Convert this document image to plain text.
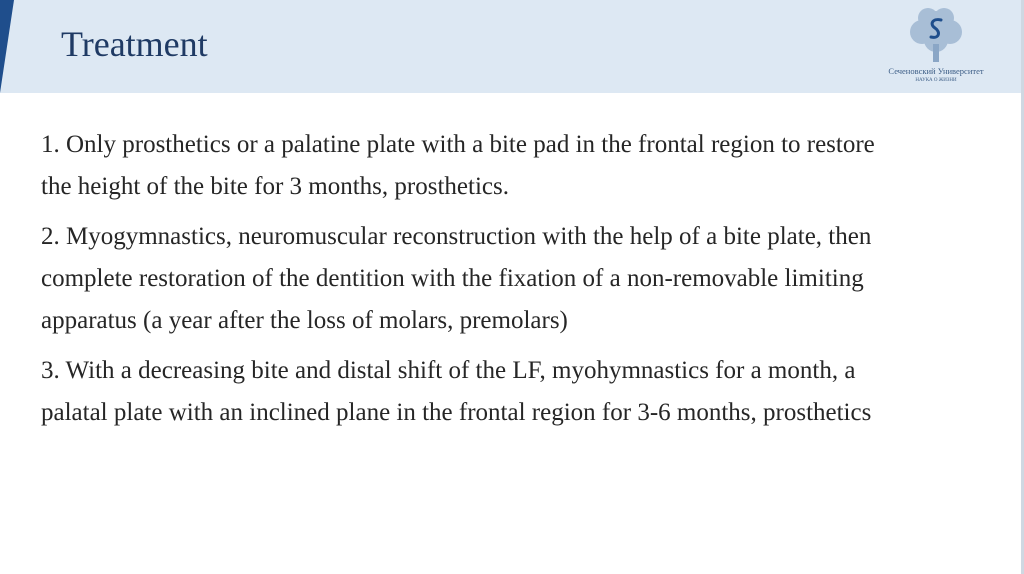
Treatment
Сеченовский Университет
НАУКА О ЖИЗНИ

1. Only prosthetics or a palatine plate with a bite pad in the frontal region to restore the height of the bite for 3 months, prosthetics.

2. Myogymnastics, neuromuscular reconstruction with the help of a bite plate, then complete restoration of the dentition with the fixation of a non-removable limiting apparatus (a year after the loss of molars, premolars)

3. With a decreasing bite and distal shift of the LF, myohymnastics for a month, a palatal plate with an inclined plane in the frontal region for 3-6 months, prosthetics
